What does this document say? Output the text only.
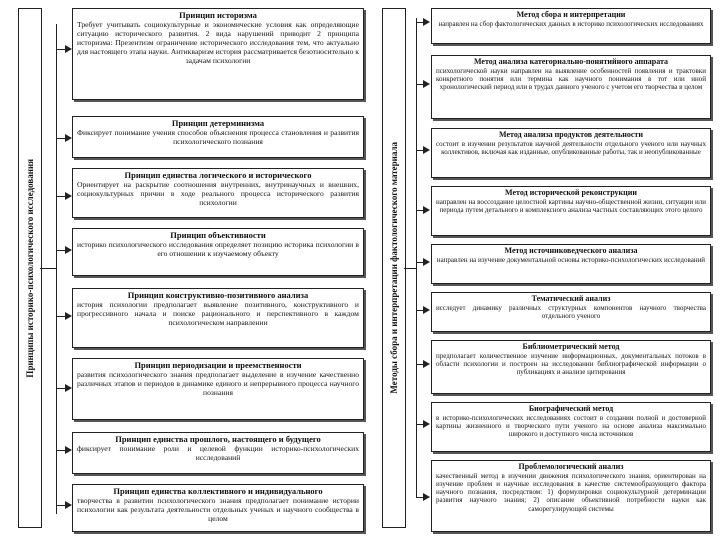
Принципы историко-психологического исследования	Методы сбора и интерпретации фактологического материала
Принцип историзма
Требует учитывать социокультурные и экономические условия как определяющие ситуацию исторического развития. 2 вида нарушений приводит 2 принципа историзма: Презентизм ограничение исторического исследования тем, что актуально для настоящего этапа науки. Антикваризм история рассматривается безотносительно к задачам психологии
Принцип детерминизма
Фиксирует понимание учения способов объяснения процесса становления и развития психологического познания
Принцип единства логического и исторического
Ориентирует на раскрытие соотношения внутренних, внутринаучных и внешних, социокультурных причин в ходе реального процесса исторического развития психологии
Принцип объективности
историко психологического исследования определяет позицию историка психологии в его отношении к изучаемому объекту
Принцип конструктивно-позитивного анализа
история психологии предполагает выявление позитивного, конструктивного и прогрессивного начала и поиске рационального и перспективного в каждом психологическом направлении
Принцип периодизации и преемственности
развития психологического знания предполагает выделение в изучение качественно различных этапов и периодов в динамике единого и непрерывного процесса научного познания
Принцип единства прошлого, настоящего и будущего
фиксирует понимание роли и целевой функции историко-психологических исследований
Принцип единства коллективного и индивидуального
творчества в развитии психологического знания предполагает понимание истории психологии как результата деятельности отдельных ученых и научного сообщества в целом
Метод сбора и интерпретации
направлен на сбор фактологических данных в историко психологических исследованиях
Метод анализа категориально-понятийного аппарата
психологической науки направлен на выявление особенностей появления и трактовки конкретного понятия или термина как научного понимания в тот или иной хронологический период или в трудах данного ученого с учетом его творчества в целом
Метод анализа продуктов деятельности
состоит в изучении результатов научной деятельности отдельного ученого или научных коллективов, включая как изданные, опубликованные работы, так и неопубликованные
Метод исторической реконструкции
направлен на воссоздание целостной картины научно-общественной жизни, ситуации или периода путем детального и комплексного анализа частных составляющих этого целого
Метод источниковедческого анализа
направлен на изучение документальной основы историко-психологических исследований
Тематический анализ
исследует динамику различных структурных компонентов научного творчества отдельного ученого
Библиометрический метод
предполагает количественное изучение информационных, документальных потоков в области психологии и построен на исследовании библиографической информации о публикациях и анализе цитирования
Биографический метод
в историко-психологических исследованиях состоит в создании полной и достоверной картины жизненного и творческого пути ученого на основе анализа максимально широкого и доступного числа источников
Проблемологический анализ
качественный метод в изучении движения психологического знания, ориентирован на изучение проблем и научные исследования в качестве системообразующего фактора научного познания, посредством: 1) формулировки социокультурной детерминации развития научного знания; 2) описание объективной потребности науки как саморегулирующей системы
